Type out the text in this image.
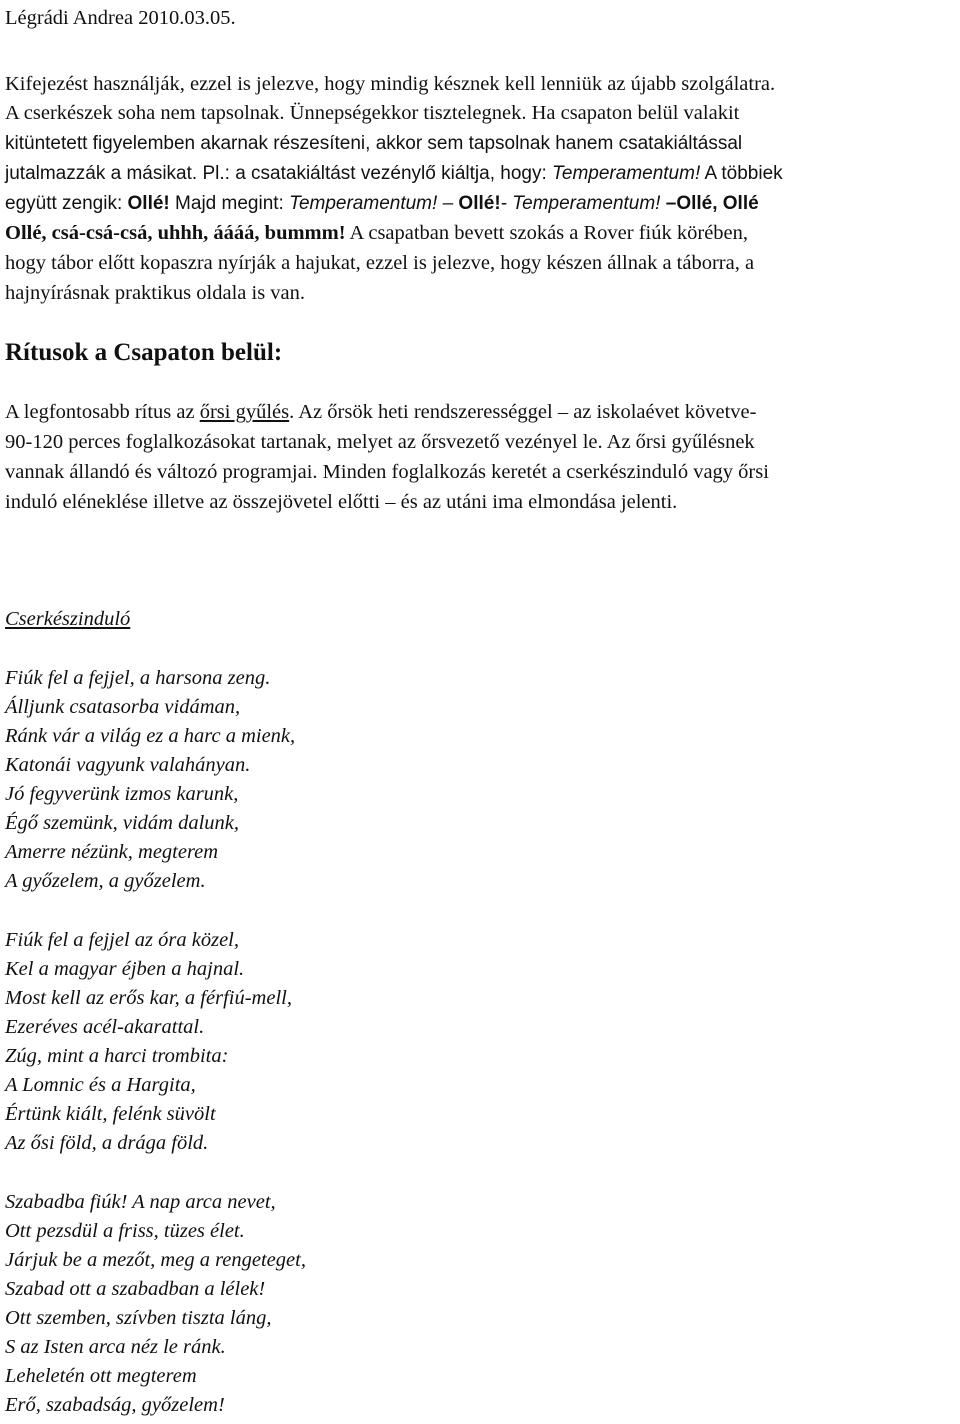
Légrádi Andrea 2010.03.05.
Kifejezést használják, ezzel is jelezve, hogy mindig késznek kell lenniük az újabb szolgálatra.
A cserkészek soha nem tapsolnak. Ünnepségekkor tisztelegnek. Ha csapaton belül valakit
kitüntetett figyelemben akarnak részesíteni, akkor sem tapsolnak hanem csatakiáltással
jutalmazzák a másikat. Pl.: a csatakiáltást vezénylő kiáltja, hogy: Temperamentum! A többiek
együtt zengik: Ollé! Majd megint: Temperamentum! – Ollé!- Temperamentum! –Ollé, Ollé
Ollé, csá-csá-csá, uhhh, áááá, bummm! A csapatban bevett szokás a Rover fiúk körében,
hogy tábor előtt kopaszra nyírják a hajukat, ezzel is jelezve, hogy készen állnak a táborra, a
hajnyírásnak praktikus oldala is van.
Rítusok a Csapaton belül:
A legfontosabb rítus az őrsi gyűlés. Az őrsök heti rendszerességgel – az iskolaévet követve-
90-120 perces foglalkozásokat tartanak, melyet az őrsvezető vezényel le. Az őrsi gyűlésnek
vannak állandó és változó programjai. Minden foglalkozás keretét a cserkészinduló vagy őrsi
induló eléneklése illetve az összejövetel előtti – és az utáni ima elmondása jelenti.
Cserkészinduló
Fiúk fel a fejjel, a harsona zeng.
Álljunk csatasorba vidáman,
Ránk vár a világ ez a harc a mienk,
Katonái vagyunk valahányan.
Jó fegyverünk izmos karunk,
Égő szemünk, vidám dalunk,
Amerre nézünk, megterem
A győzelem, a győzelem.
Fiúk fel a fejjel az óra közel,
Kel a magyar éjben a hajnal.
Most kell az erős kar, a férfiú-mell,
Ezeréves acél-akarattal.
Zúg, mint a harci trombita:
A Lomnic és a Hargita,
Értünk kiált, felénk süvölt
Az ősi föld, a drága föld.
Szabadba fiúk! A nap arca nevet,
Ott pezsdül a friss, tüzes élet.
Járjuk be a mezőt, meg a rengeteget,
Szabad ott a szabadban a lélek!
Ott szemben, szívben tiszta láng,
S az Isten arca néz le ránk.
Leheletén ott megterem
Erő, szabadság, győzelem!
